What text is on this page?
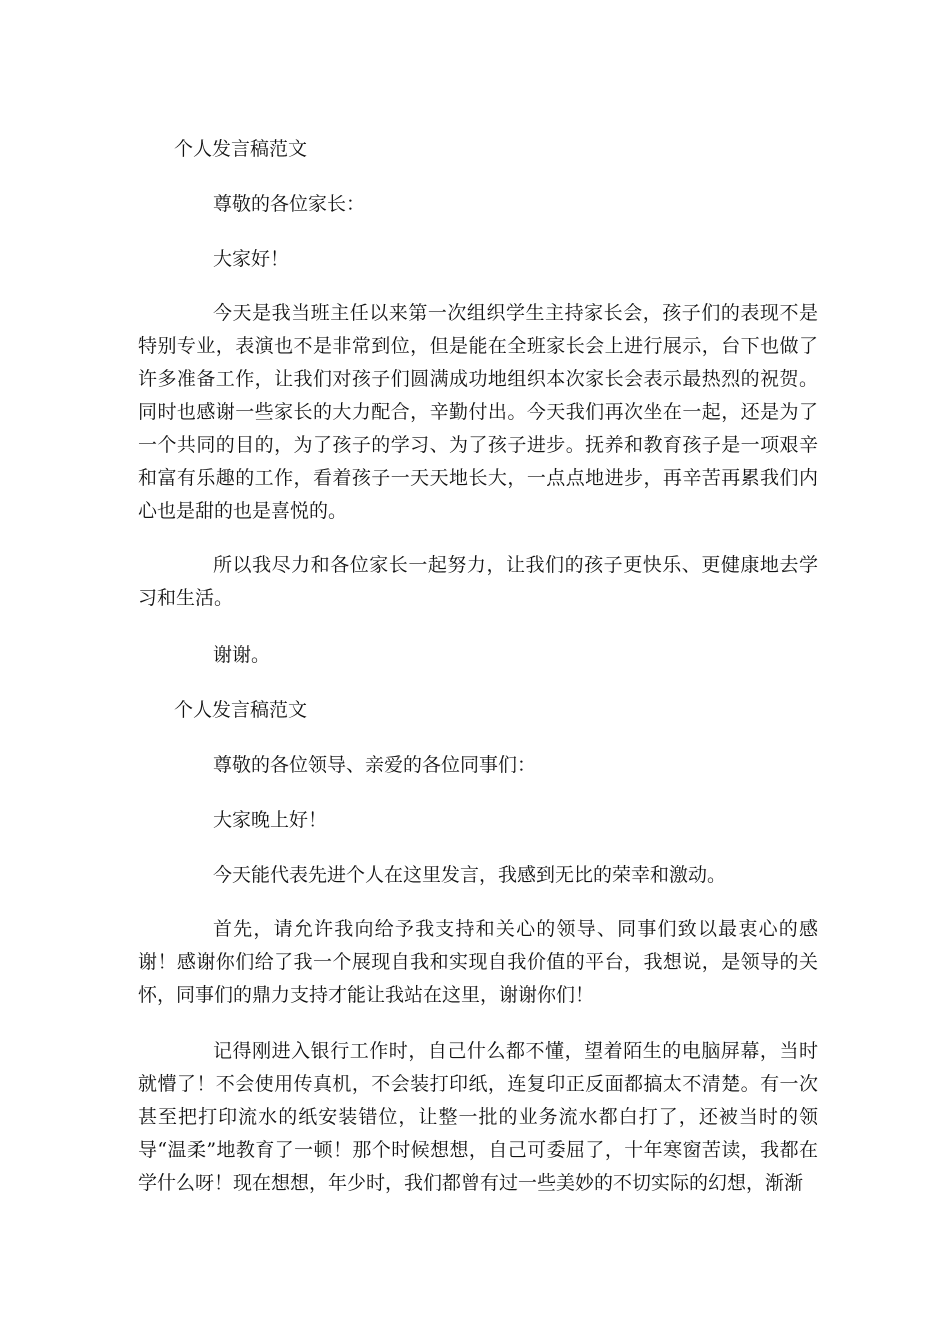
个人发言稿范文

尊敬的各位家长：

大家好！

今天是我当班主任以来第一次组织学生主持家长会，孩子们的表现不是特别专业，表演也不是非常到位，但是能在全班家长会上进行展示，台下也做了许多准备工作，让我们对孩子们圆满成功地组织本次家长会表示最热烈的祝贺。同时也感谢一些家长的大力配合，辛勤付出。今天我们再次坐在一起，还是为了一个共同的目的，为了孩子的学习、为了孩子进步。抚养和教育孩子是一项艰辛和富有乐趣的工作，看着孩子一天天地长大，一点点地进步，再辛苦再累我们内心也是甜的也是喜悦的。

所以我尽力和各位家长一起努力，让我们的孩子更快乐、更健康地去学习和生活。

谢谢。

个人发言稿范文

尊敬的各位领导、亲爱的各位同事们：

大家晚上好！

今天能代表先进个人在这里发言，我感到无比的荣幸和激动。

首先，请允许我向给予我支持和关心的领导、同事们致以最衷心的感谢！感谢你们给了我一个展现自我和实现自我价值的平台，我想说，是领导的关怀，同事们的鼎力支持才能让我站在这里，谢谢你们！

记得刚进入银行工作时，自己什么都不懂，望着陌生的电脑屏幕，当时就懵了！不会使用传真机，不会装打印纸，连复印正反面都搞太不清楚。有一次甚至把打印流水的纸安装错位，让整一批的业务流水都白打了，还被当时的领导“温柔”地教育了一顿！那个时候想想，自己可委屈了，十年寒窗苦读，我都在学什么呀！现在想想，年少时，我们都曾有过一些美妙的不切实际的幻想，渐渐
